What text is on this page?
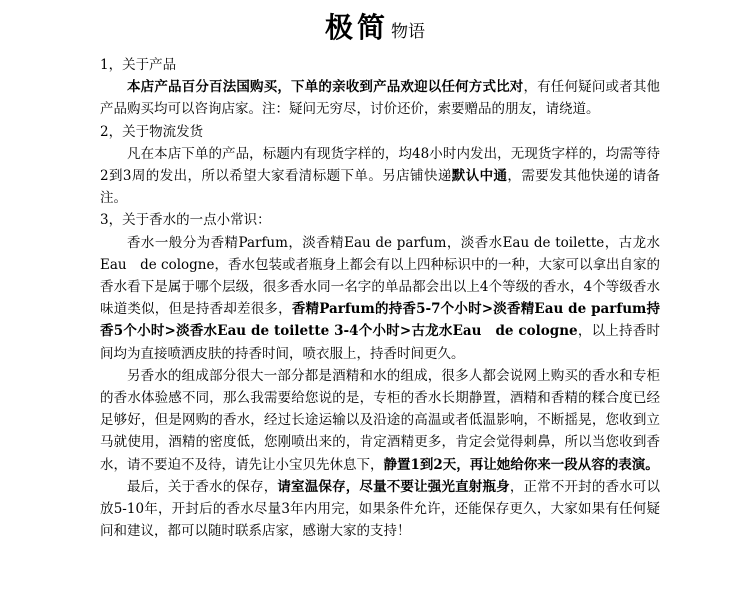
极简 物语
1，关于产品
本店产品百分百法国购买，下单的亲收到产品欢迎以任何方式比对，有任何疑问或者其他产品购买均可以咨询店家。注：疑问无穷尽，讨价还价，索要赠品的朋友，请绕道。
2，关于物流发货
凡在本店下单的产品，标题内有现货字样的，均48小时内发出，无现货字样的，均需等待2到3周的发出，所以希望大家看清标题下单。另店铺快递默认中通，需要发其他快递的请备注。
3，关于香水的一点小常识：
香水一般分为香精Parfum，淡香精Eau de parfum，淡香水Eau de toilette，古龙水 Eau　de cologne，香水包装或者瓶身上都会有以上四种标识中的一种，大家可以拿出自家的香水看下是属于哪个层级，很多香水同一名字的单品都会出以上4个等级的香水，4个等级香水味道类似，但是持香却差很多，香精Parfum的持香5-7个小时>淡香精Eau de parfum持香5个小时>淡香水Eau de toilette 3-4个小时>古龙水Eau　de cologne，以上持香时间均为直接喷洒皮肤的持香时间，喷衣服上，持香时间更久。
另香水的组成部分很大一部分都是酒精和水的组成，很多人都会说网上购买的香水和专柜的香水体验感不同，那么我需要给您说的是，专柜的香水长期静置，酒精和香精的糅合度已经足够好，但是网购的香水，经过长途运输以及沿途的高温或者低温影响，不断摇晃，您收到立马就使用，酒精的密度低，您刚喷出来的，肯定酒精更多，肯定会觉得刺鼻，所以当您收到香水，请不要迫不及待，请先让小宝贝先休息下，静置1到2天，再让她给你来一段从容的表演。
最后，关于香水的保存，请室温保存，尽量不要让强光直射瓶身，正常不开封的香水可以放5-10年，开封后的香水尽量3年内用完，如果条件允许，还能保存更久，大家如果有任何疑问和建议，都可以随时联系店家，感谢大家的支持！
